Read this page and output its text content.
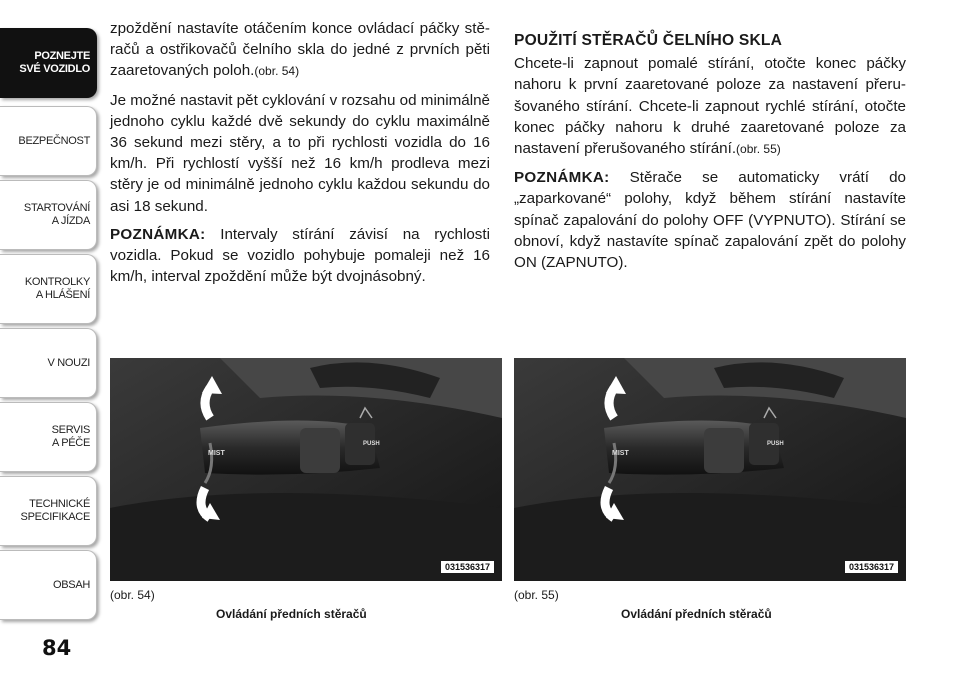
POZNEJTE
SVÉ VOZIDLO
BEZPEČNOST
STARTOVÁNÍ
A JÍZDA
KONTROLKY
A HLÁŠENÍ
V NOUZI
SERVIS
A PÉČE
TECHNICKÉ
SPECIFIKACE
OBSAH
84

zpoždění nastavíte otáčením konce ovládací páčky stě-račů a ostřikovačů čelního skla do jedné z prvních pěti zaaretovaných poloh.(obr. 54)

Je možné nastavit pět cyklování v rozsahu od minimálně jednoho cyklu každé dvě sekundy do cyklu maximálně 36 sekund mezi stěry, a to při rychlosti vozidla do 16 km/h. Při rychlostí vyšší než 16 km/h prodleva mezi stěry je od minimálně jednoho cyklu každou sekundu do asi 18 sekund.

POZNÁMKA: Intervaly stírání závisí na rychlosti vozidla. Pokud se vozidlo pohybuje pomaleji než 16 km/h, interval zpoždění může být dvojnásobný.

POUŽITÍ STĚRAČŮ ČELNÍHO SKLA

Chcete-li zapnout pomalé stírání, otočte konec páčky nahoru k první zaaretované poloze za nastavení přeru-šovaného stírání. Chcete-li zapnout rychlé stírání, otočte konec páčky nahoru k druhé zaaretované poloze za nastavení přerušovaného stírání.(obr. 55)

POZNÁMKA: Stěrače se automaticky vrátí do „zaparkované“ polohy, když během stírání nastavíte spínač zapalování do polohy OFF (VYPNUTO). Stírání se obnoví, když nastavíte spínač zapalování zpět do polohy ON (ZAPNUTO).

MIST
PUSH
031536317
(obr. 54)
Ovládání předních stěračů
MIST
PUSH
031536317
(obr. 55)
Ovládání předních stěračů
